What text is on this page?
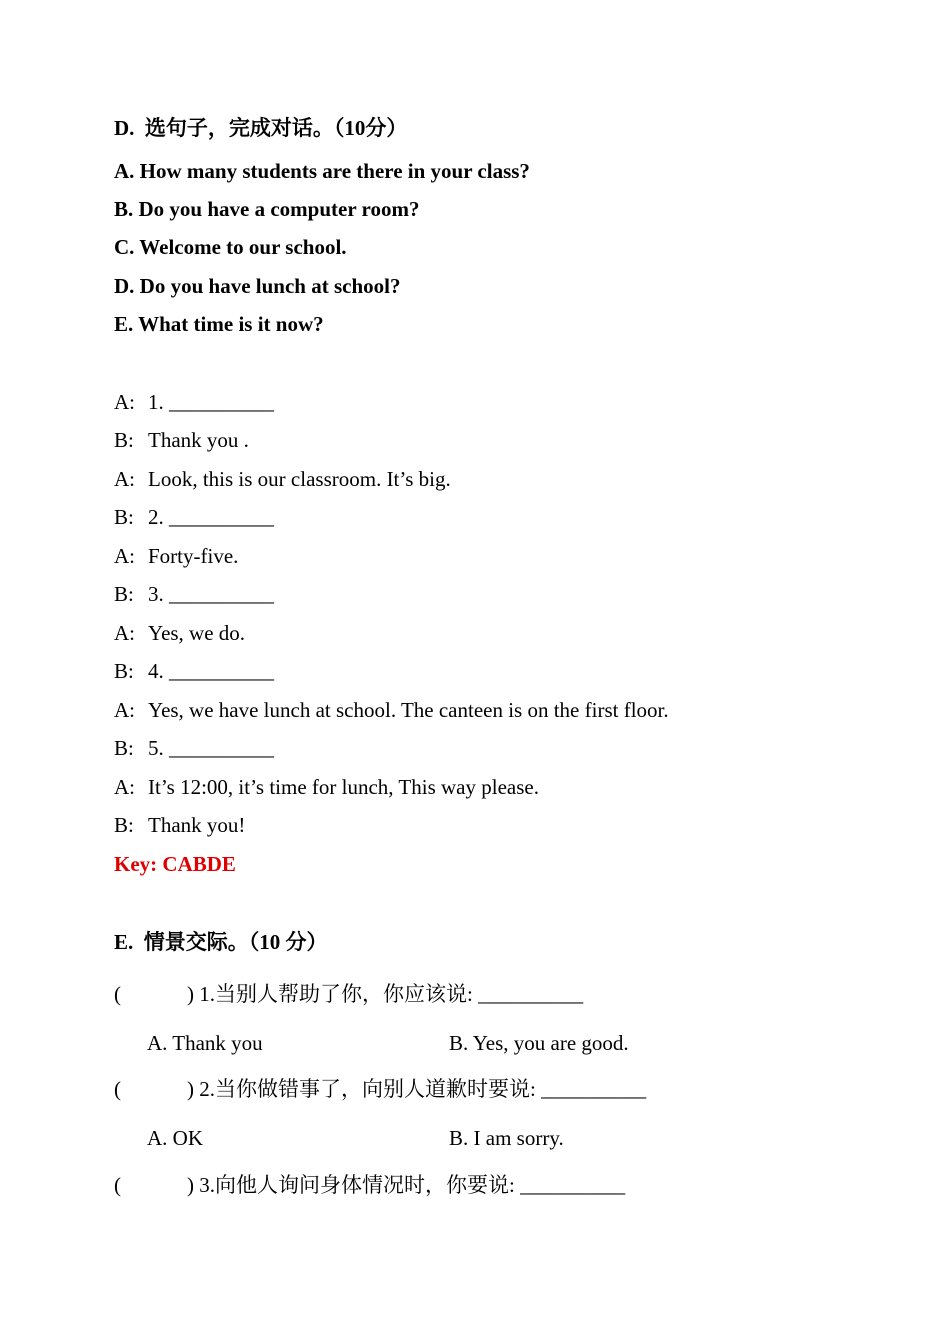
D.  选句子，完成对话。（10分）
A. How many students are there in your class?
B. Do you have a computer room?
C. Welcome to our school.
D. Do you have lunch at school?
E. What time is it now?
A: 1. __________
B: Thank you .
A: Look, this is our classroom. It’s big.
B: 2. __________
A: Forty-five.
B: 3. __________
A: Yes, we do.
B: 4. __________
A: Yes, we have lunch at school. The canteen is on the first floor.
B: 5. __________
A: It’s 12:00, it’s time for lunch, This way please.
B: Thank you!
Key: CABDE
E.  情景交际。（10 分）
(	) 1.当别人帮助了你，你应该说: __________
A. Thank you	B. Yes, you are good.
(	) 2.当你做错事了，向别人道歉时要说: __________
A. OK	B. I am sorry.
(	) 3.向他人询问身体情况时，你要说: __________
